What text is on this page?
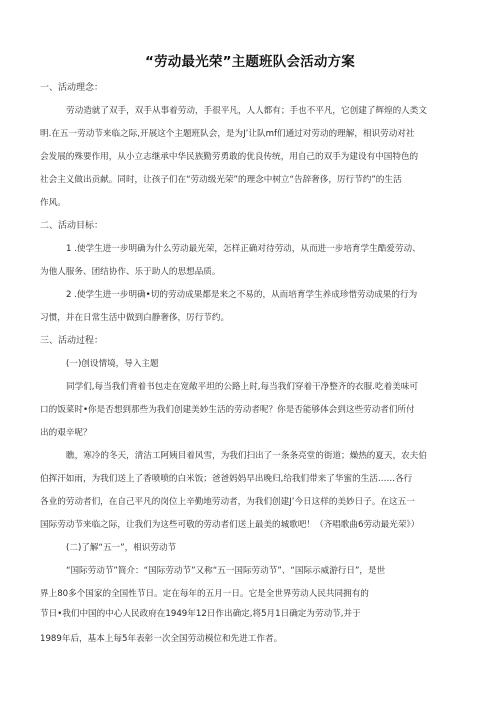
“劳动最光荣”主题班队会活动方案
一、活动理念：
劳动造就了双手，双手从事着劳动，手很平凡，人人都有；手也不平凡，它创建了辉煌的人类文
明.在五一劳动节来临之际,开展这个主题班队会，是为J’让队mf们通过对劳动的理解，相识劳动对社
会发展的殊要作用，从小立志继承中华民族勤劳勇敢的优良传统，用自己的双手为建设有中国特色的
社会主义做出贡献。同时，让孩子们在“劳动级光荣”的理念中树立“告辞奢侈，厉行节约”的生活
作风。
二、活动目标：
1 .使学生进一步明确为什么劳动最光荣，怎样正确对待劳动，从而进一步培育学生酷爱劳动、
为他人服务、团结协作、乐于助人的思想品质。
2 .使学生进一步明确•切的劳动成果都是来之不易的，从而培育学生养成珍惜劳动成果的行为
习惯，并在日常生活中做到白静奢侈，厉行节约。
三、活动过程：
(一)创设情境，导入主题
同学们,每当我们背着书包走在宽敞平坦的公路上时,每当我们穿着干净整齐的衣服.吃着美味可
口的饭菜时•你是否想到那些为我们创建美妙生活的劳动者呢？你是否能够体会到这些劳动者们所付
出的艰辛呢？
瞧，寒冷的冬天，清洁工阿姨目着风雪，为我们扫出了一条条亮堂的街道；燥热的夏天，农夫伯
伯挥汗如雨，为我们送上了香喷喷的白米饭；爸爸妈妈早出晚归,给我们带来了华蜜的生活……各行
各业的劳动者们，在自己平凡的岗位上辛勤地劳动者，为我们创建J’今日这样的美妙日子。在这五一
国际劳动节来临之际，让我们为这些可敬的劳动者们送上最美的城歌吧！（齐唱歌曲6劳动最光荣》）
(二)了解“五一”，相识劳动节
“国际劳动节”简介：“国际劳动节”又称“五一国际劳动节”、“国际示威游行日”，是世
界上80多个国家的全国性节日。定在每年的五月一日。它是全世界劳动人民共同拥有的
节日•我们中国的中心人民政府在1949年12日作出确定,将5月1日确定为劳动节,并于
1989年后，基本上每5年表彰一次全国劳动模位和先进工作者。
